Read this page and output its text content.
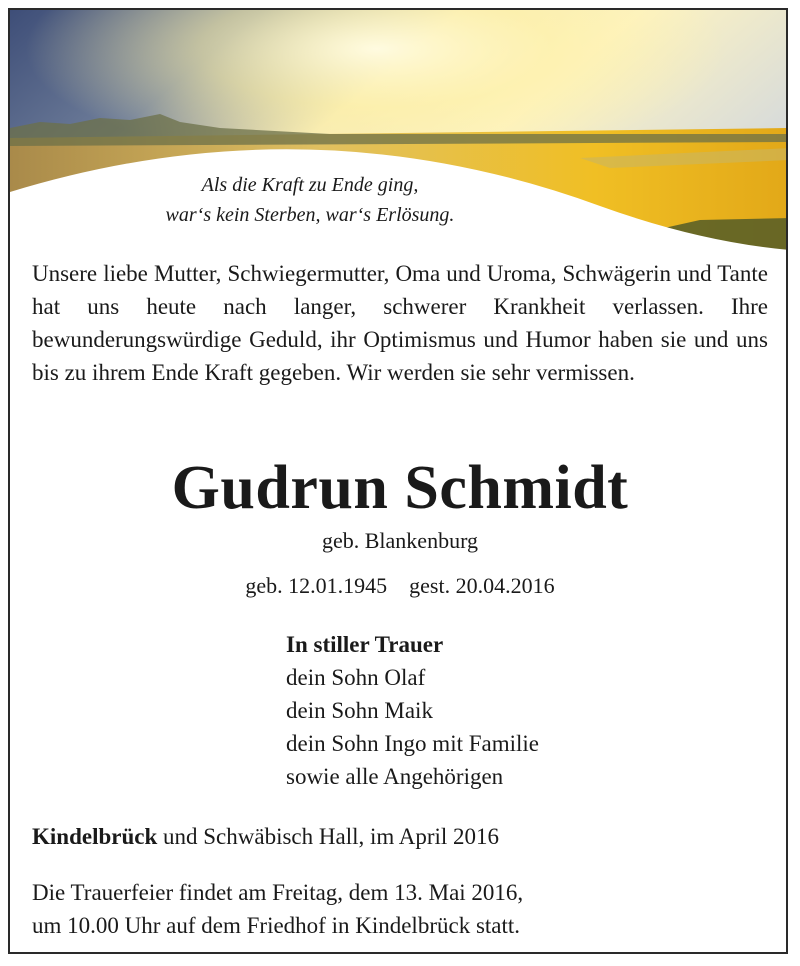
Als die Kraft zu Ende ging,
war‘s kein Sterben, war‘s Erlösung.
Unsere liebe Mutter, Schwiegermutter, Oma und Uroma, Schwägerin und Tante hat uns heute nach langer, schwerer Krankheit verlassen. Ihre bewunderungswürdige Geduld, ihr Optimismus und Humor haben sie und uns bis zu ihrem Ende Kraft gegeben. Wir werden sie sehr vermissen.
Gudrun Schmidt
geb. Blankenburg
geb. 12.01.1945 gest. 20.04.2016
In stiller Trauer
dein Sohn Olaf
dein Sohn Maik
dein Sohn Ingo mit Familie
sowie alle Angehörigen
Kindelbrück und Schwäbisch Hall, im April 2016
Die Trauerfeier findet am Freitag, dem 13. Mai 2016,
um 10.00 Uhr auf dem Friedhof in Kindelbrück statt.
